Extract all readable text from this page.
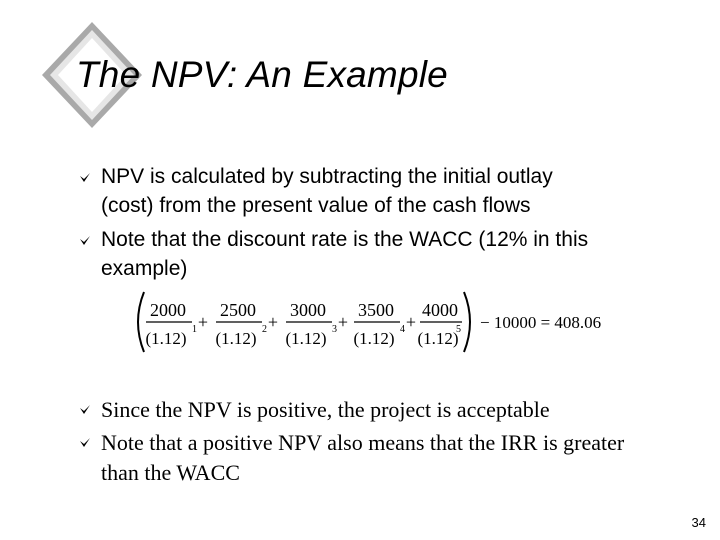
The NPV: An Example
NPV is calculated by subtracting the initial outlay
(cost) from the present value of the cash flows
Note that the discount rate is the WACC (12% in this
example)
2000
(1.12) 1 +
2500
(1.12) 2 +
3000
(1.12) 3 +
3500
(1.12) 4 +
4000
(1.12)
5 − 10000 = 408.06
Since the NPV is positive, the project is acceptable
Note that a positive NPV also means that the IRR is greater
than the WACC
34
